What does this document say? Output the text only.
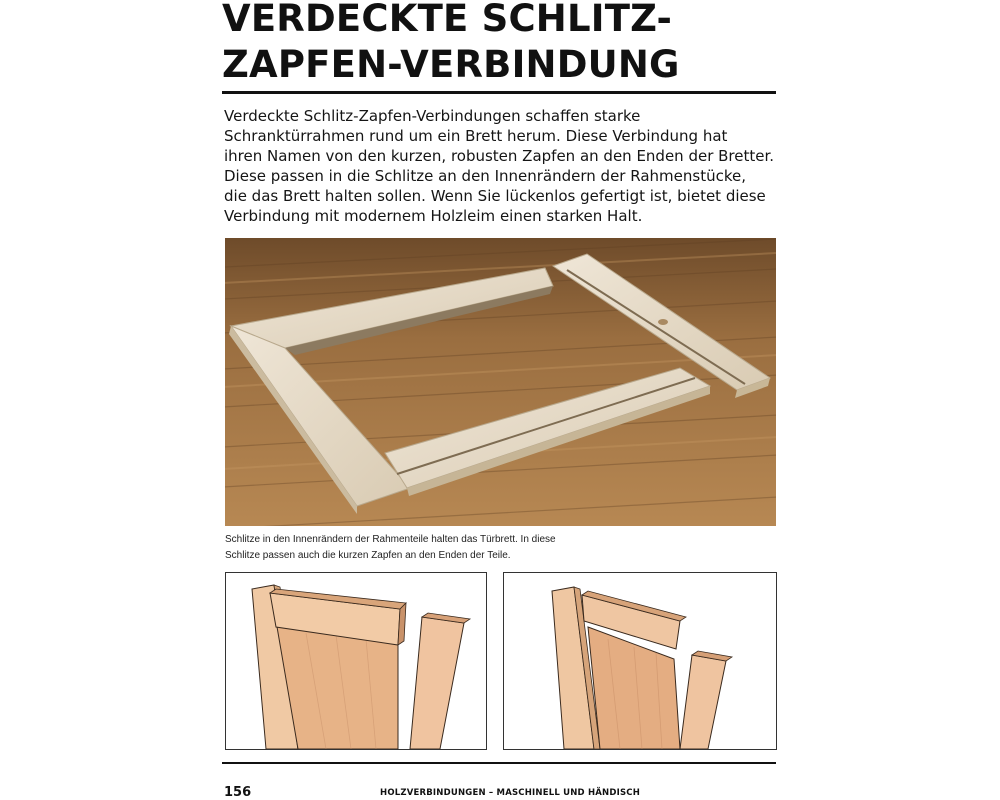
VERDECKTE SCHLITZ-
ZAPFEN-VERBINDUNG

Verdeckte Schlitz-Zapfen-Verbindungen schaffen starke
Schranktürrahmen rund um ein Brett herum. Diese Verbindung hat
ihren Namen von den kurzen, robusten Zapfen an den Enden der Bretter.
Diese passen in die Schlitze an den Innenrändern der Rahmenstücke,
die das Brett halten sollen. Wenn Sie lückenlos gefertigt ist, bietet diese
Verbindung mit modernem Holzleim einen starken Halt.

Schlitze in den Innenrändern der Rahmenteile halten das Türbrett. In diese
Schlitze passen auch die kurzen Zapfen an den Enden der Teile.

156	HOLZVERBINDUNGEN – MASCHINELL UND HÄNDISCH
